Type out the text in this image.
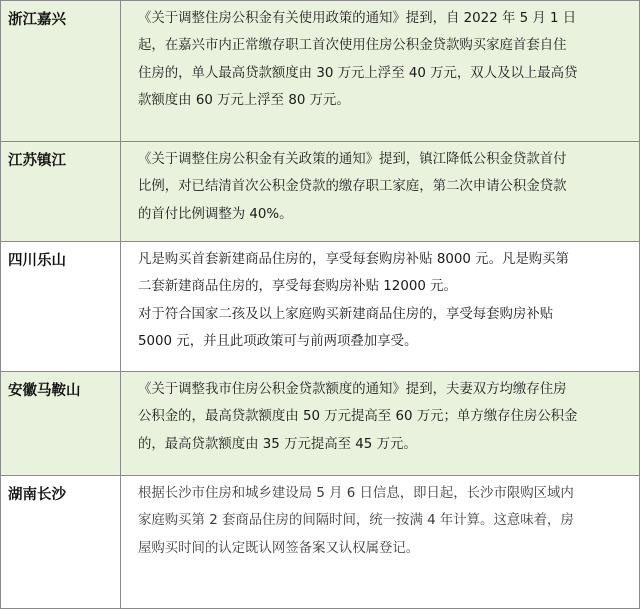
浙江嘉兴	《关于调整住房公积金有关使用政策的通知》提到，自 2022 年 5 月 1 日

起，在嘉兴市内正常缴存职工首次使用住房公积金贷款购买家庭首套自住

住房的，单人最高贷款额度由 30 万元上浮至 40 万元，双人及以上最高贷

款额度由 60 万元上浮至 80 万元。

江苏镇江	《关于调整住房公积金有关政策的通知》提到，镇江降低公积金贷款首付

比例，对已结清首次公积金贷款的缴存职工家庭，第二次申请公积金贷款

的首付比例调整为 40%。

四川乐山	凡是购买首套新建商品住房的，享受每套购房补贴 8000 元。凡是购买第

二套新建商品住房的，享受每套购房补贴 12000 元。

对于符合国家二孩及以上家庭购买新建商品住房的，享受每套购房补贴

5000 元，并且此项政策可与前两项叠加享受。

安徽马鞍山	《关于调整我市住房公积金贷款额度的通知》提到，夫妻双方均缴存住房

公积金的，最高贷款额度由 50 万元提高至 60 万元；单方缴存住房公积金

的，最高贷款额度由 35 万元提高至 45 万元。

湖南长沙	根据长沙市住房和城乡建设局 5 月 6 日信息，即日起，长沙市限购区域内

家庭购买第 2 套商品住房的间隔时间，统一按满 4 年计算。这意味着，房

屋购买时间的认定既认网签备案又认权属登记。
